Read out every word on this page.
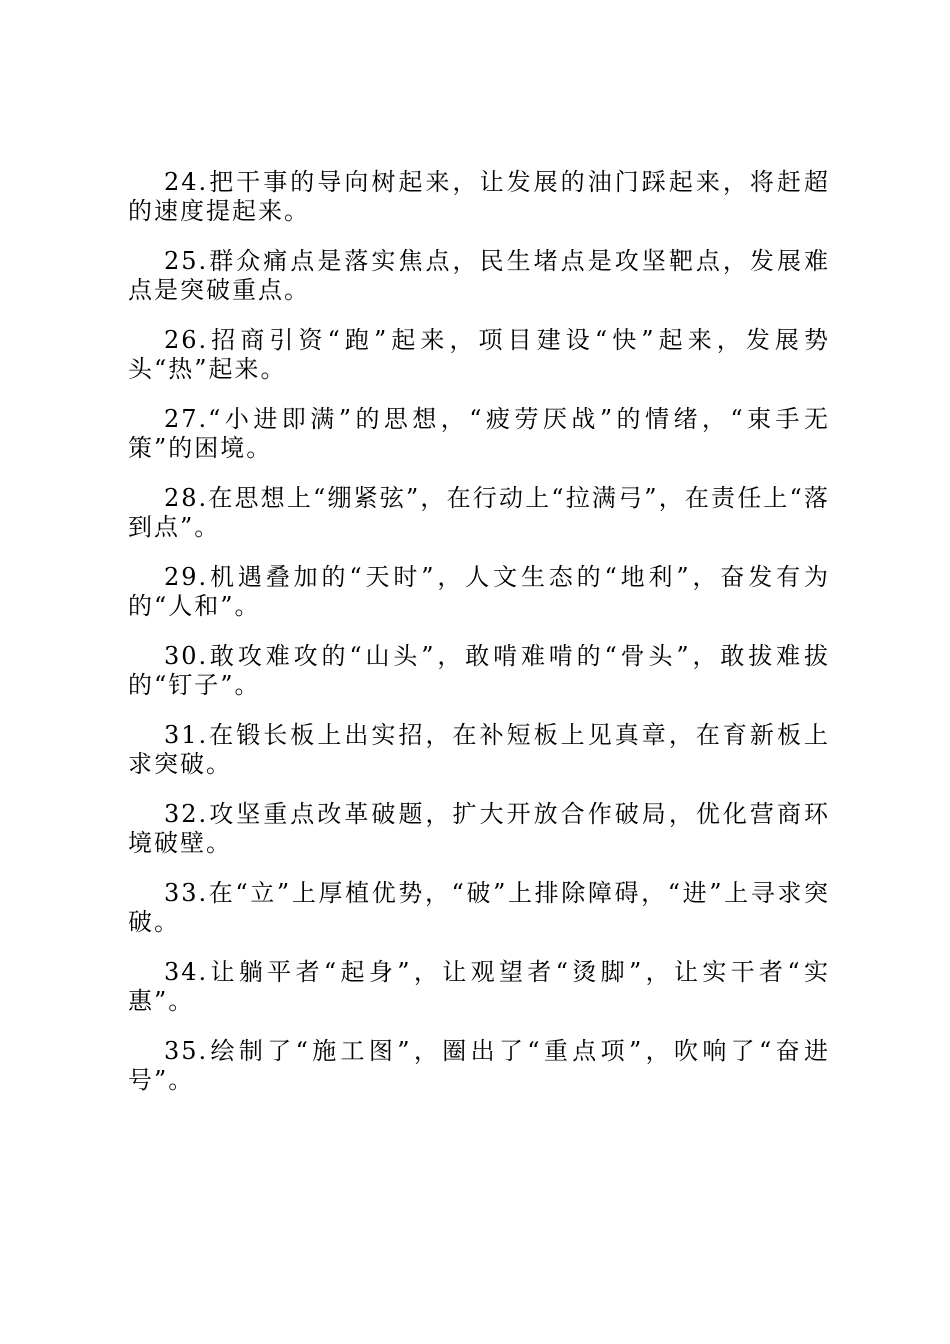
24.把干事的导向树起来，让发展的油门踩起来，将赶超的速度提起来。

25.群众痛点是落实焦点，民生堵点是攻坚靶点，发展难点是突破重点。

26.招商引资“跑”起来，项目建设“快”起来，发展势头“热”起来。

27.“小进即满”的思想，“疲劳厌战”的情绪，“束手无策”的困境。

28.在思想上“绷紧弦”，在行动上“拉满弓”，在责任上“落到点”。

29.机遇叠加的“天时”，人文生态的“地利”，奋发有为的“人和”。

30.敢攻难攻的“山头”，敢啃难啃的“骨头”，敢拔难拔的“钉子”。

31.在锻长板上出实招，在补短板上见真章，在育新板上求突破。

32.攻坚重点改革破题，扩大开放合作破局，优化营商环境破壁。

33.在“立”上厚植优势，“破”上排除障碍，“进”上寻求突破。

34.让躺平者“起身”，让观望者“烫脚”，让实干者“实惠”。

35.绘制了“施工图”，圈出了“重点项”，吹响了“奋进号”。
